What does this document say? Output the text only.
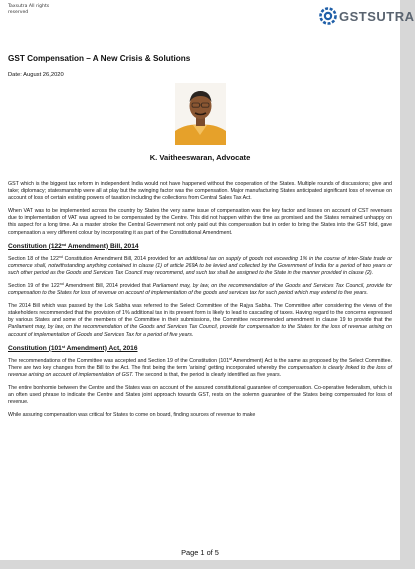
Taxsutra All rights
reserved	GSTSUTRA
GST Compensation – A New Crisis & Solutions
Date: August 26,2020
K. Vaitheeswaran, Advocate

GST which is the biggest tax reform in independent India would not have happened without the cooperation of the States. Multiple rounds of discussions; give and take; diplomacy; statesmanship were all at play but the swinging factor was the compensation. Major manufacturing States anticipated significant loss of revenue on account of loss of certain existing powers of taxation including the collections from Central Sales Tax Act.

When VAT was to be implemented across the country by States the very same issue of compensation was the key factor and losses on account of CST revenues due to implementation of VAT was agreed to be compensated by the Centre. This did not happen within the time as promised and the States remained unhappy on this aspect for a long time. As a master stroke the Central Government not only paid out this compensation but in order to bring the States into the GST fold, gave compensation a very different colour by incorporating it as part of the Constitutional Amendment.

Constitution (122nd Amendment) Bill, 2014

Section 18 of the 122nd Constitution Amendment Bill, 2014 provided for an additional tax on supply of goods not exceeding 1% in the course of inter-State trade or commerce shall, notwithstanding anything contained in clause (1) of article 269A to be levied and collected by the Government of India for a period of two years or such other period as the Goods and Services Tax Council may recommend, and such tax shall be assigned to the State in the manner provided in clause (2).

Section 19 of the 122nd Amendment Bill, 2014 provided that Parliament may, by law, on the recommendation of the Goods and Services Tax Council, provide for compensation to the States for loss of revenue on account of implementation of the goods and services tax for such period which may extend to five years.

The 2014 Bill which was passed by the Lok Sabha was referred to the Select Committee of the Rajya Sabha. The Committee after considering the views of the stakeholders recommended that the provision of 1% additional tax in its present form is likely to lead to cascading of taxes. Having regard to the concerns expressed by various States and some of the members of the Committee in their submissions, the Committee recommended amendment in clause 19 to provide that the Parliament may, by law, on the recommendation of the Goods and Services Tax Council, provide for compensation to the States for the loss of revenue arising on account of implementation of Goods and Services Tax for a period of five years.

Constitution (101st Amendment) Act, 2016

The recommendations of the Committee was accepted and Section 19 of the Constitution (101st Amendment) Act is the same as proposed by the Select Committee. There are two key changes from the Bill to the Act. The first being the term 'arising' getting incorporated whereby the compensation is clearly linked to the loss of revenue arising on account of implementation of GST. The second is that, the period is clearly identified as five years.

The entire bonhomie between the Centre and the States was on account of the assured constitutional guarantee of compensation. Co-operative federalism, which is an often used phrase to indicate the Centre and States joint approach towards GST, rests on the solemn guarantee of the States being compensated for loss of revenue.

While assuring compensation was critical for States to come on board, finding sources of revenue to make

Page 1 of 5
